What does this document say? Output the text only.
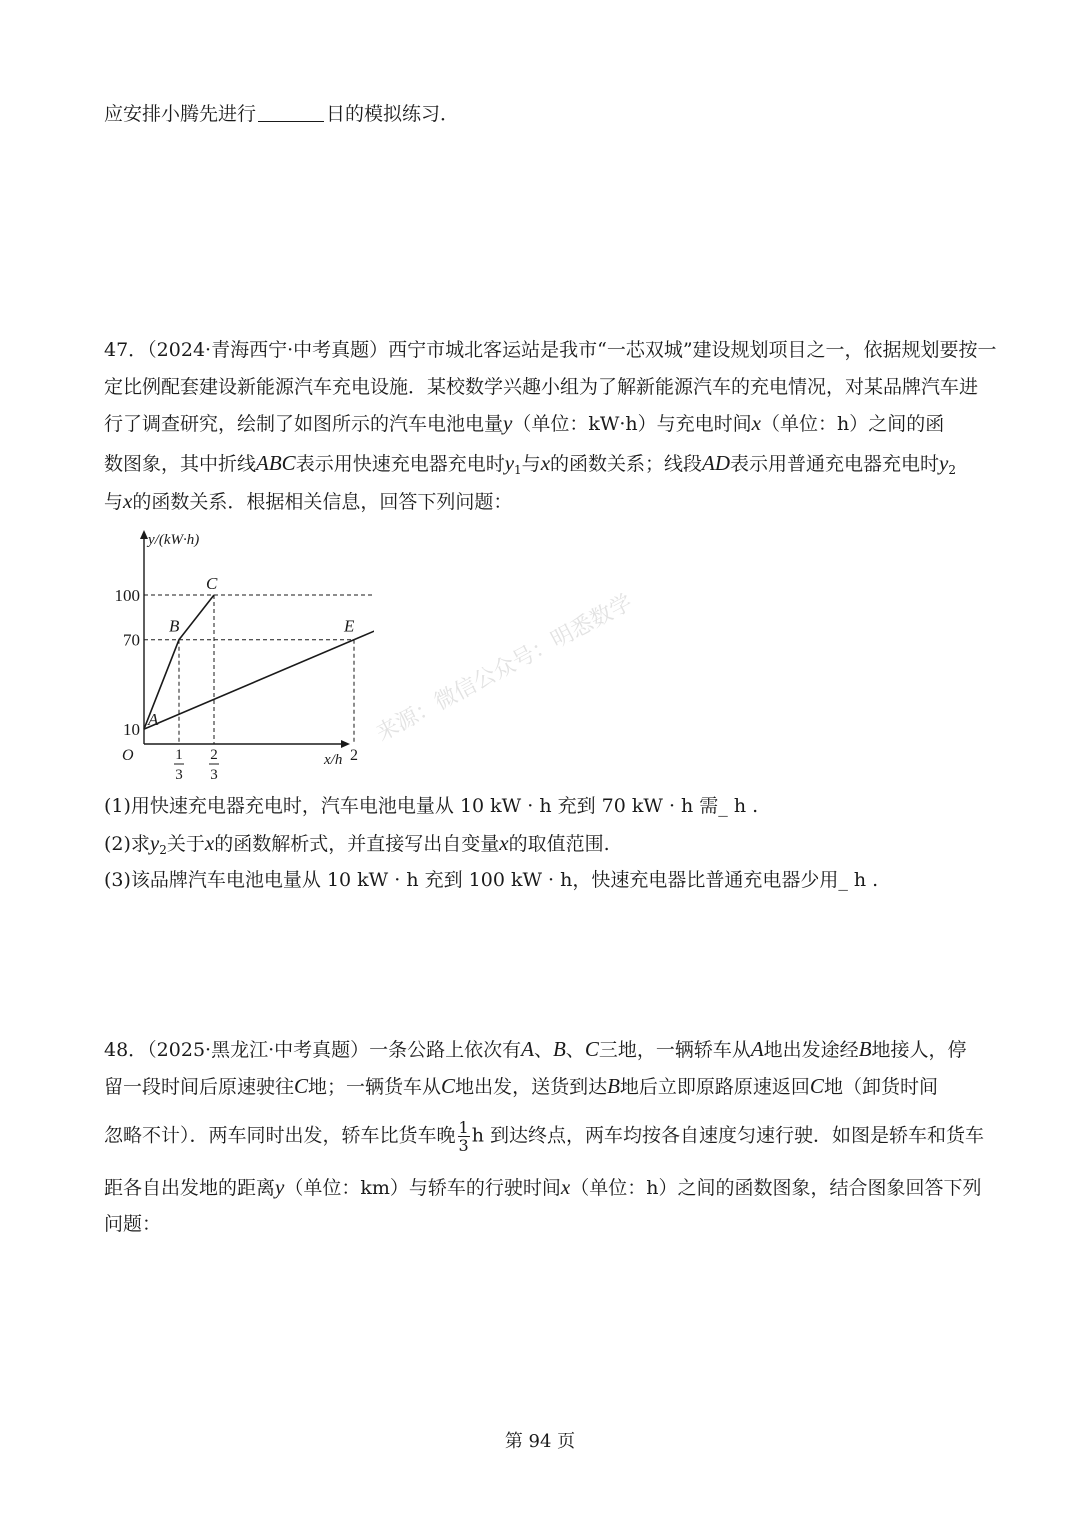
应安排小腾先进行	日的模拟练习．
47．（2024·青海西宁·中考真题）西宁市城北客运站是我市“一芯双城”建设规划项目之一，依据规划要按一
定比例配套建设新能源汽车充电设施．某校数学兴趣小组为了解新能源汽车的充电情况，对某品牌汽车进
行了调查研究，绘制了如图所示的汽车电池电量y（单位：kW·h）与充电时间x（单位：h）之间的函
数图象，其中折线ABC表示用快速充电器充电时$y_1$与x的函数关系；线段AD表示用普通充电器充电时$y_2$
与x的函数关系．根据相关信息，回答下列问题：
10
70
100
1
3
2
3
2
y/(kW·h)
x/h
O
A
B
C
E 来源：微信公众号：明悉数学
(1)用快速充电器充电时，汽车电池电量从 10 kW · h 充到 70 kW · h 需_ h .
(2)求$y_2$关于x的函数解析式，并直接写出自变量x的取值范围.
(3)该品牌汽车电池电量从 10 kW · h 充到 100 kW · h，快速充电器比普通充电器少用_ h .
48．（2025·黑龙江·中考真题）一条公路上依次有A、B、C三地，一辆轿车从A地出发途经B地接人，停
留一段时间后原速驶往C地；一辆货车从C地出发，送货到达B地后立即原路原速返回C地（卸货时间
忽略不计）．两车同时出发，轿车比货车晚 $\frac{1}{3}$ h 到达终点，两车均按各自速度匀速行驶．如图是轿车和货车
距各自出发地的距离y（单位：km）与轿车的行驶时间x（单位：h）之间的函数图象，结合图象回答下列
问题：
第 94 页
